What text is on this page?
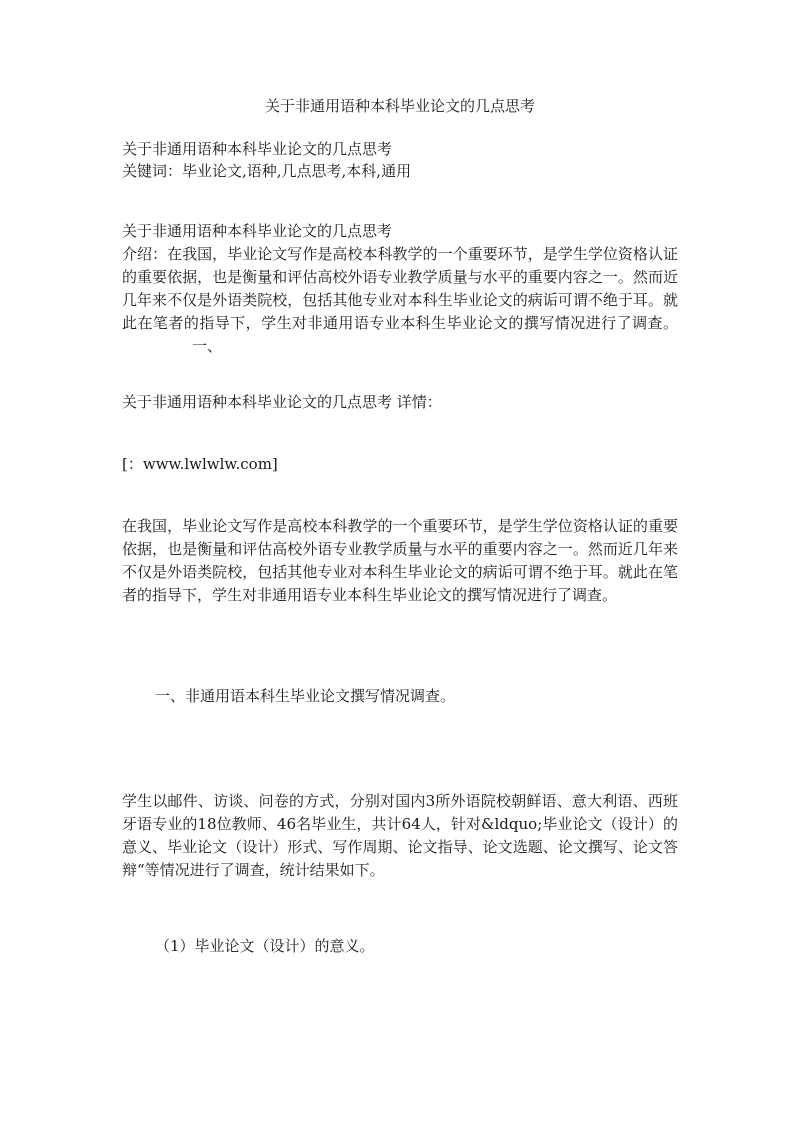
关于非通用语种本科毕业论文的几点思考
关于非通用语种本科毕业论文的几点思考
关键词：毕业论文,语种,几点思考,本科,通用
关于非通用语种本科毕业论文的几点思考
介绍：在我国，毕业论文写作是高校本科教学的一个重要环节，是学生学位资格认证的重要依据，也是衡量和评估高校外语专业教学质量与水平的重要内容之一。然而近几年来不仅是外语类院校，包括其他专业对本科生毕业论文的病诟可谓不绝于耳。就此在笔者的指导下，学生对非通用语专业本科生毕业论文的撰写情况进行了调查。一、
关于非通用语种本科毕业论文的几点思考 详情：
[：www.lwlwlw.com]
在我国，毕业论文写作是高校本科教学的一个重要环节，是学生学位资格认证的重要依据，也是衡量和评估高校外语专业教学质量与水平的重要内容之一。然而近几年来不仅是外语类院校，包括其他专业对本科生毕业论文的病诟可谓不绝于耳。就此在笔者的指导下，学生对非通用语专业本科生毕业论文的撰写情况进行了调查。
一、非通用语本科生毕业论文撰写情况调查。
学生以邮件、访谈、问卷的方式，分别对国内3所外语院校朝鲜语、意大利语、西班牙语专业的18位教师、46名毕业生，共计64人，针对&ldquo;毕业论文（设计）的意义、毕业论文（设计）形式、写作周期、论文指导、论文选题、论文撰写、论文答辩“等情况进行了调查，统计结果如下。
（1）毕业论文（设计）的意义。
